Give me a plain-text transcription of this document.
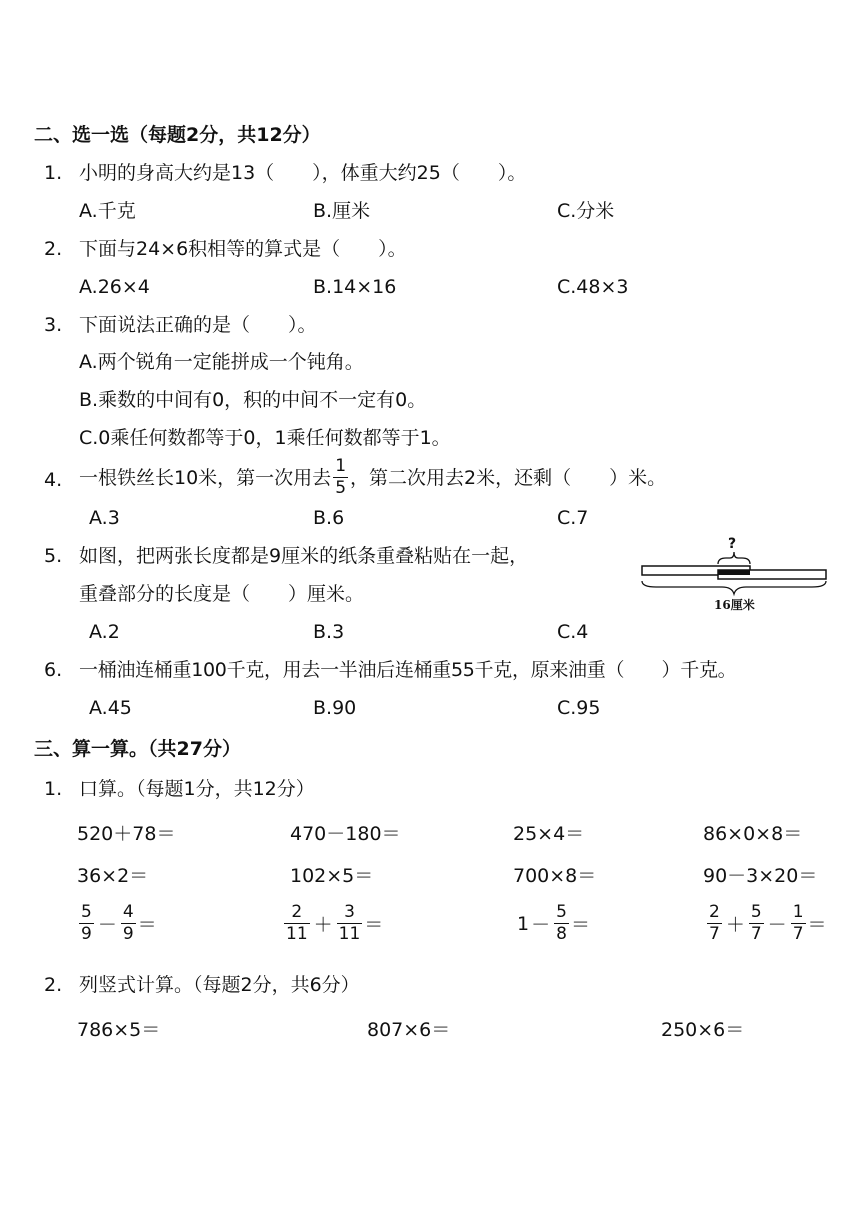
二、选一选（每题2分，共12分）
1. 小明的身高大约是13（　　），体重大约25（　　）。
A.千克	B.厘米	C.分米
2. 下面与24×6积相等的算式是（　　）。
A.26×4	B.14×16	C.48×3
3. 下面说法正确的是（　　）。
A.两个锐角一定能拼成一个钝角。
B.乘数的中间有0，积的中间不一定有0。
C.0乘任何数都等于0，1乘任何数都等于1。
4. 一根铁丝长10米，第一次用去 $\frac{1}{5}$ ，第二次用去2米，还剩（　　）米。
A.3	B.6	C.7
5. 如图，把两张长度都是9厘米的纸条重叠粘贴在一起，
重叠部分的长度是（　　）厘米。
?
16厘米
A.2	B.3	C.4
6. 一桶油连桶重100千克，用去一半油后连桶重55千克，原来油重（　　）千克。
A.45	B.90	C.95
三、算一算。（共27分）
1. 口算。（每题1分，共12分）
520＋78＝	470－180＝	25×4＝	86×0×8＝
36×2＝	102×5＝	700×8＝	90－3×20＝
$\frac{5}{9} - \frac{4}{9}$ ＝	$\frac{2}{11} + \frac{3}{11}$ ＝	$1 - \frac{5}{8}$ ＝	$\frac{2}{7} + \frac{5}{7} - \frac{1}{7}$ ＝
2. 列竖式计算。（每题2分，共6分）
786×5＝	807×6＝	250×6＝
